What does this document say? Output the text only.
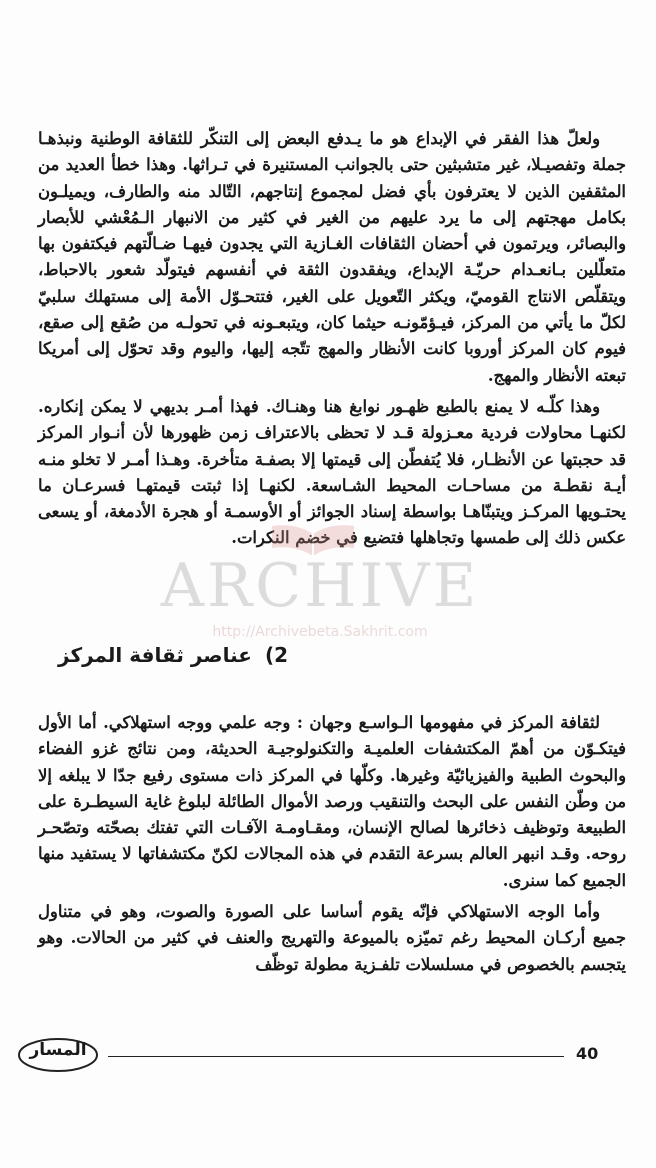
ولعلّ هذا الفقر في الإبداع هو ما يـدفع البعض إلى التنكّر للثقافة الوطنية ونبذهـا جملة وتفصيـلا، غير متشبثين حتى بالجوانب المستنيرة في تـراثها. وهذا خطأ العديد من المثقفين الذين لا يعترفون بأي فضل لمجموع إنتاجهم، التّالد منه والطارف، ويميلـون بكامل مهجتهم إلى ما يرد عليهم من الغير في كثير من الانبهار الـمُعْشي للأبصار والبصائر، ويرتمون في أحضان الثقافات الغـازية التي يجدون فيهـا ضـالّتهم فيكتفون بها متعلّلين بـانعـدام حريّـة الإبداع، ويفقدون الثقة في أنفسهم فيتولّد شعور بالاحباط، ويتقلّص الانتاج القوميّ، ويكثر التّعويل على الغير، فتتحـوّل الأمة إلى مستهلك سلبيّ لكلّ ما يأتي من المركز، فيـؤمّونـه حيثما كان، ويتبعـونه في تحولـه من صُقع إلى صقع، فيوم كان المركز أوروبا كانت الأنظار والمهج تتّجه إليها، واليوم وقد تحوّل إلى أمريكا تبعته الأنظار والمهج.

وهذا كلّـه لا يمنع بالطبع ظهـور نوابغ هنا وهنـاك. فهذا أمـر بديهي لا يمكن إنكاره. لكنهـا محاولات فردية معـزولة قـد لا تحظى بالاعتراف زمن ظهورها لأن أنـوار المركز قد حجبتها عن الأنظـار، فلا يُتفطّن إلى قيمتها إلا بصفـة متأخرة. وهـذا أمـر لا تخلو منـه أيـة نقطـة من مساحـات المحيط الشـاسعة. لكنهـا إذا ثبتت قيمتهـا فسرعـان ما يحتـويها المركـز ويتبنّاهـا بواسطة إسناد الجوائز أو الأوسمـة أو هجرة الأدمغة، أو يسعى عكس ذلك إلى طمسها وتجاهلها فتضيع في خضم النكرات.

2) عناصر ثقافة المركز

لثقافة المركز في مفهومها الـواسـع وجهان : وجه علمي ووجه استهلاكي. أما الأول فيتكـوّن من أهمّ المكتشفات العلميـة والتكنولوجيـة الحديثة، ومن نتائج غزو الفضاء والبحوث الطبية والفيزيائيّة وغيرها. وكلّها في المركز ذات مستوى رفيع جدّا لا يبلغه إلا من وطّن النفس على البحث والتنقيب ورصد الأموال الطائلة لبلوغ غاية السيطـرة على الطبيعة وتوظيف ذخائرها لصالح الإنسان، ومقـاومـة الآفـات التي تفتك بصحّته وتصّحـر روحه. وقـد انبهر العالم بسرعة التقدم في هذه المجالات لكنّ مكتشفاتها لا يستفيد منها الجميع كما سنرى.

وأما الوجه الاستهلاكي فإنّه يقوم أساسا على الصورة والصوت، وهو في متناول جميع أركـان المحيط رغم تميّزه بالميوعة والتهريج والعنف في كثير من الحالات. وهو يتجسم بالخصوص في مسلسلات تلفـزية مطولة توظّف

ARCHIVE
http://Archivebeta.Sakhrit.com
40
المسار
